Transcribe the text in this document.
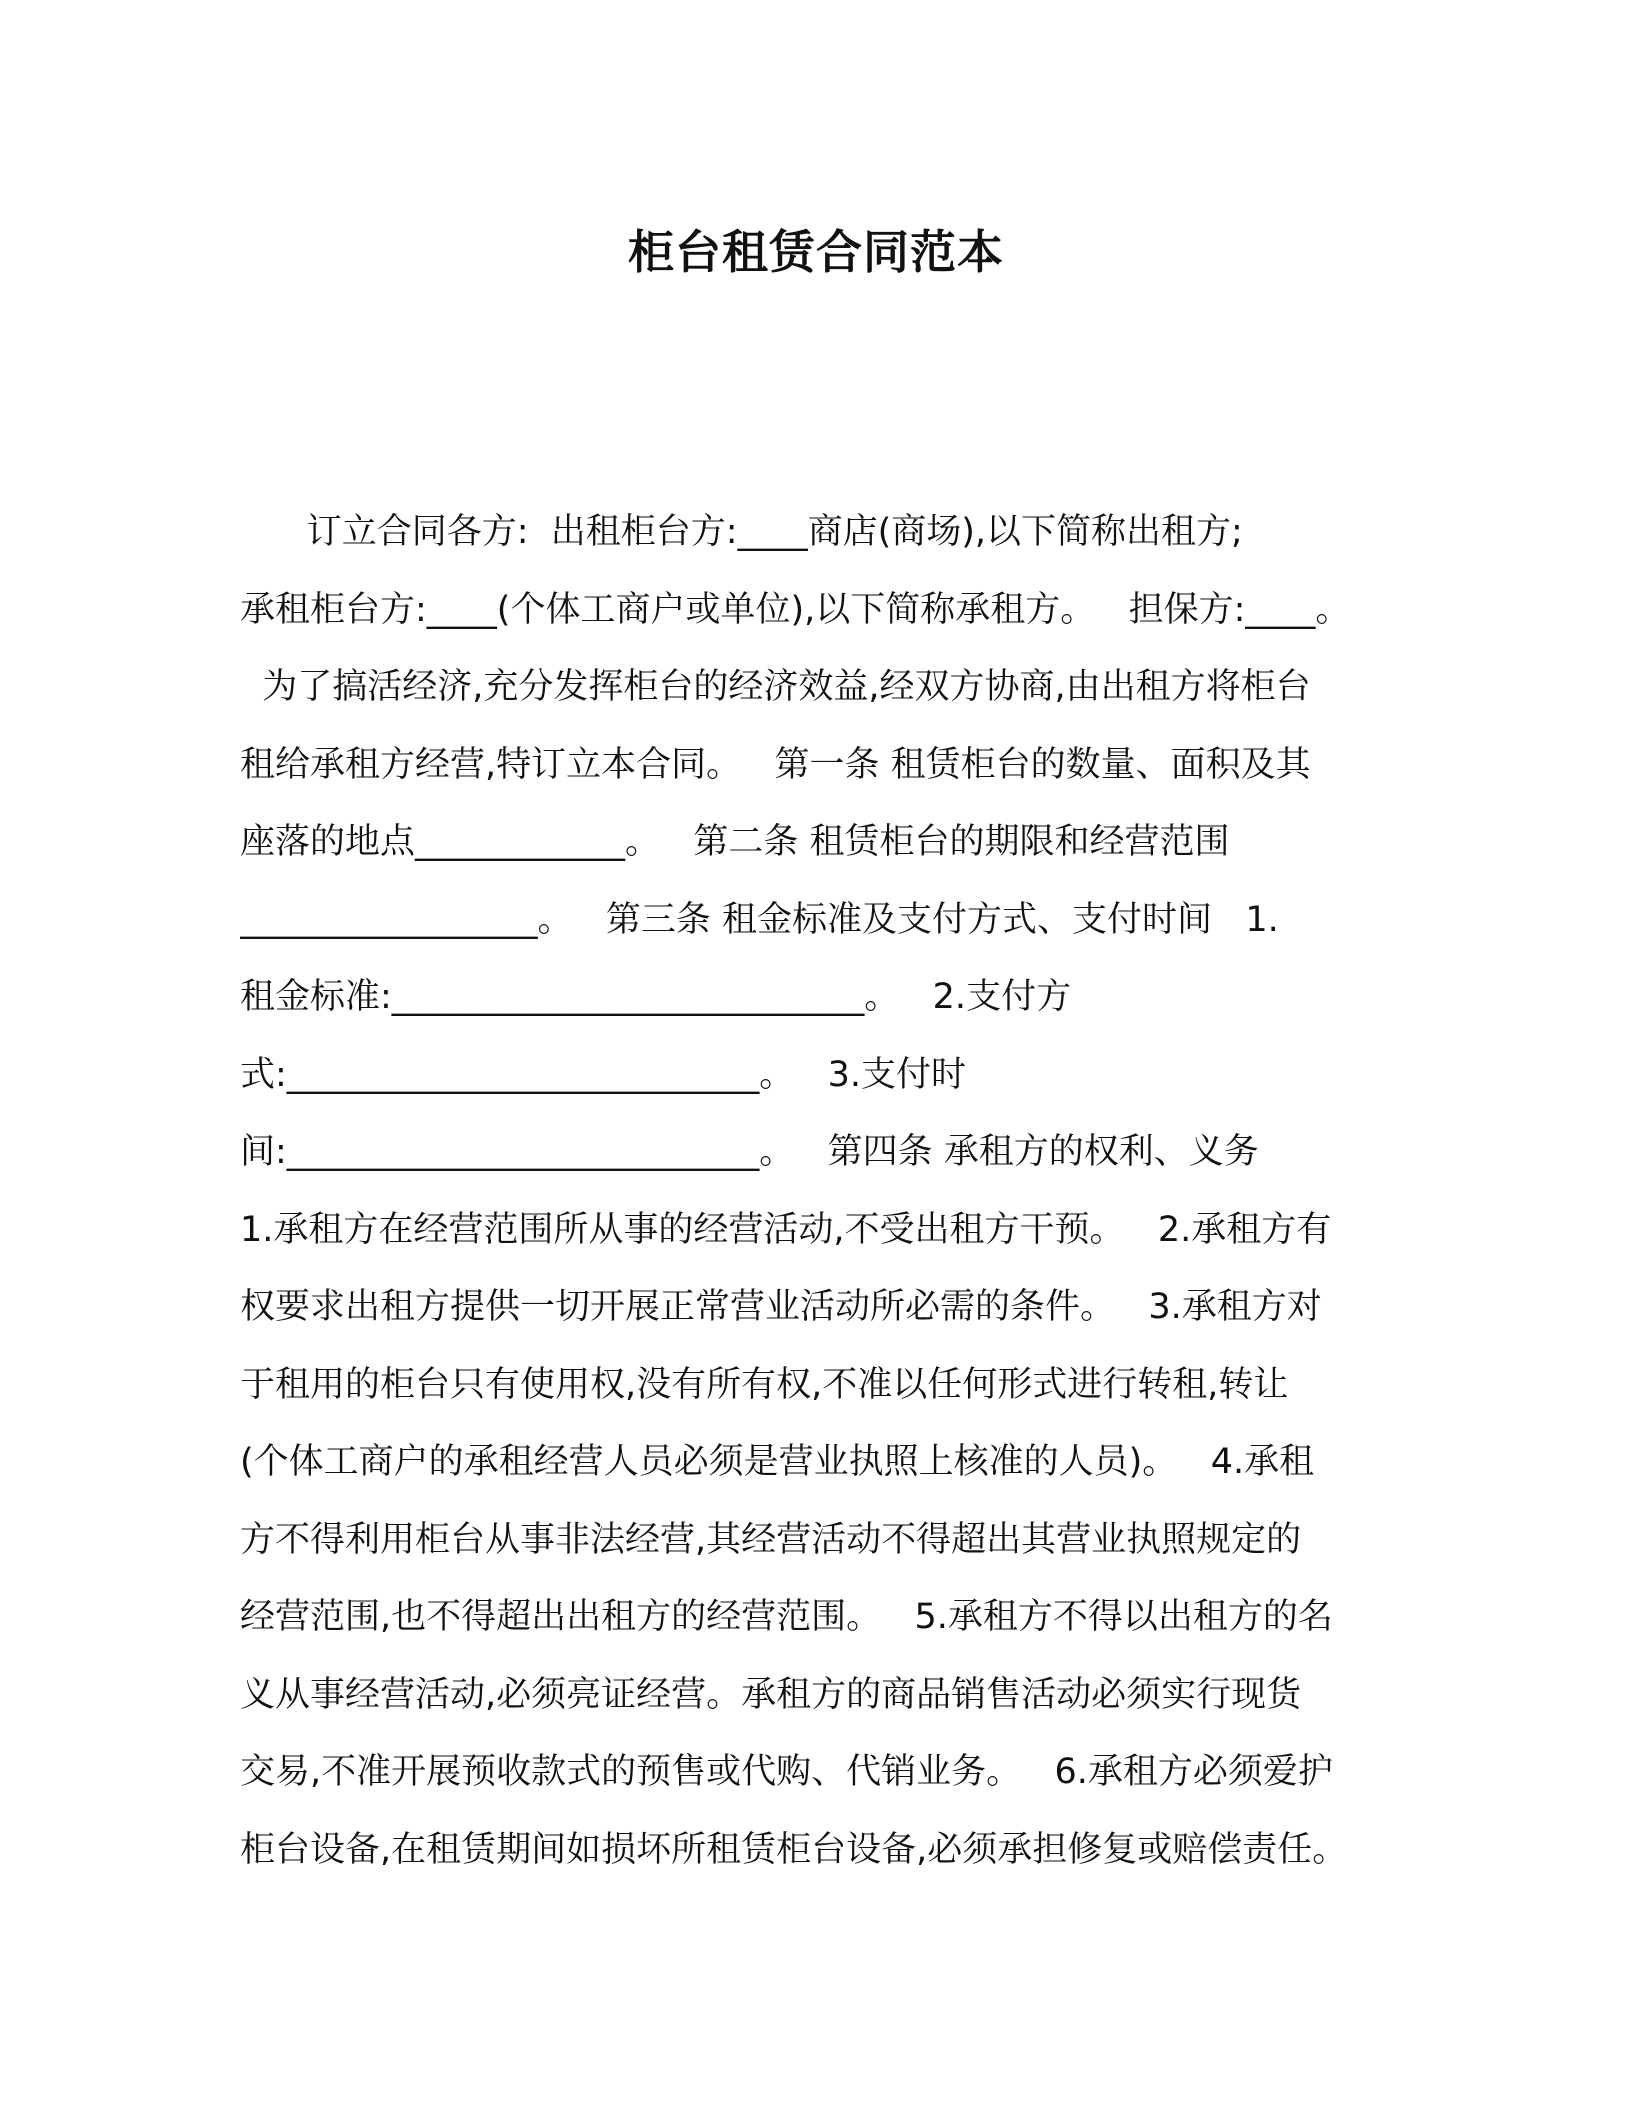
柜台租赁合同范本
订立合同各方:  出租柜台方:____商店(商场),以下简称出租方;
承租柜台方:____(个体工商户或单位),以下简称承租方。   担保方:____。
为了搞活经济,充分发挥柜台的经济效益,经双方协商,由出租方将柜台
租给承租方经营,特订立本合同。   第一条 租赁柜台的数量、面积及其
座落的地点____________。   第二条 租赁柜台的期限和经营范围
_________________。   第三条 租金标准及支付方式、支付时间   1.
租金标准:___________________________。   2.支付方
式:___________________________。   3.支付时
间:___________________________。   第四条 承租方的权利、义务
1.承租方在经营范围所从事的经营活动,不受出租方干预。   2.承租方有
权要求出租方提供一切开展正常营业活动所必需的条件。   3.承租方对
于租用的柜台只有使用权,没有所有权,不准以任何形式进行转租,转让
(个体工商户的承租经营人员必须是营业执照上核准的人员)。   4.承租
方不得利用柜台从事非法经营,其经营活动不得超出其营业执照规定的
经营范围,也不得超出出租方的经营范围。   5.承租方不得以出租方的名
义从事经营活动,必须亮证经营。承租方的商品销售活动必须实行现货
交易,不准开展预收款式的预售或代购、代销业务。   6.承租方必须爱护
柜台设备,在租赁期间如损坏所租赁柜台设备,必须承担修复或赔偿责任。
